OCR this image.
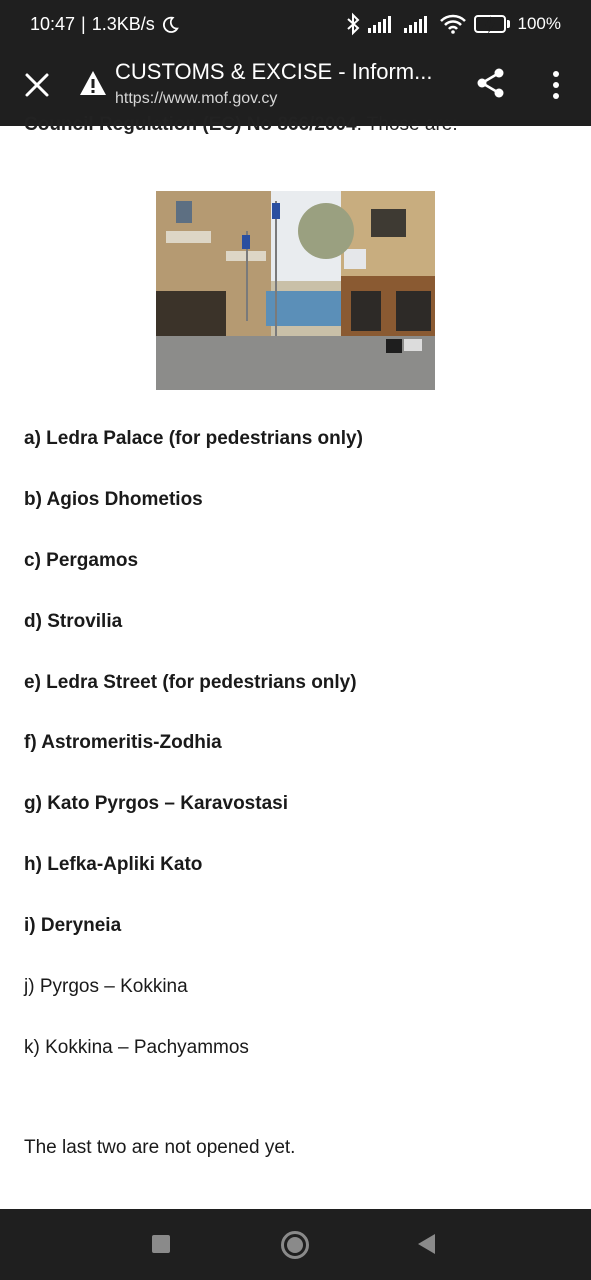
10:47 | 1.3KB/s	100%
CUSTOMS & EXCISE - Inform...
https://www.mof.gov.cy
Council Regulation (EC) No 866/2004. Those are:
a) Ledra Palace (for pedestrians only)
b) Agios Dhometios
c) Pergamos
d) Strovilia
e) Ledra Street (for pedestrians only)
f) Astromeritis-Zodhia
g) Kato Pyrgos – Karavostasi
h) Lefka-Apliki Kato
i) Deryneia
j) Pyrgos – Kokkina
k) Kokkina – Pachyammos
The last two are not opened yet.
